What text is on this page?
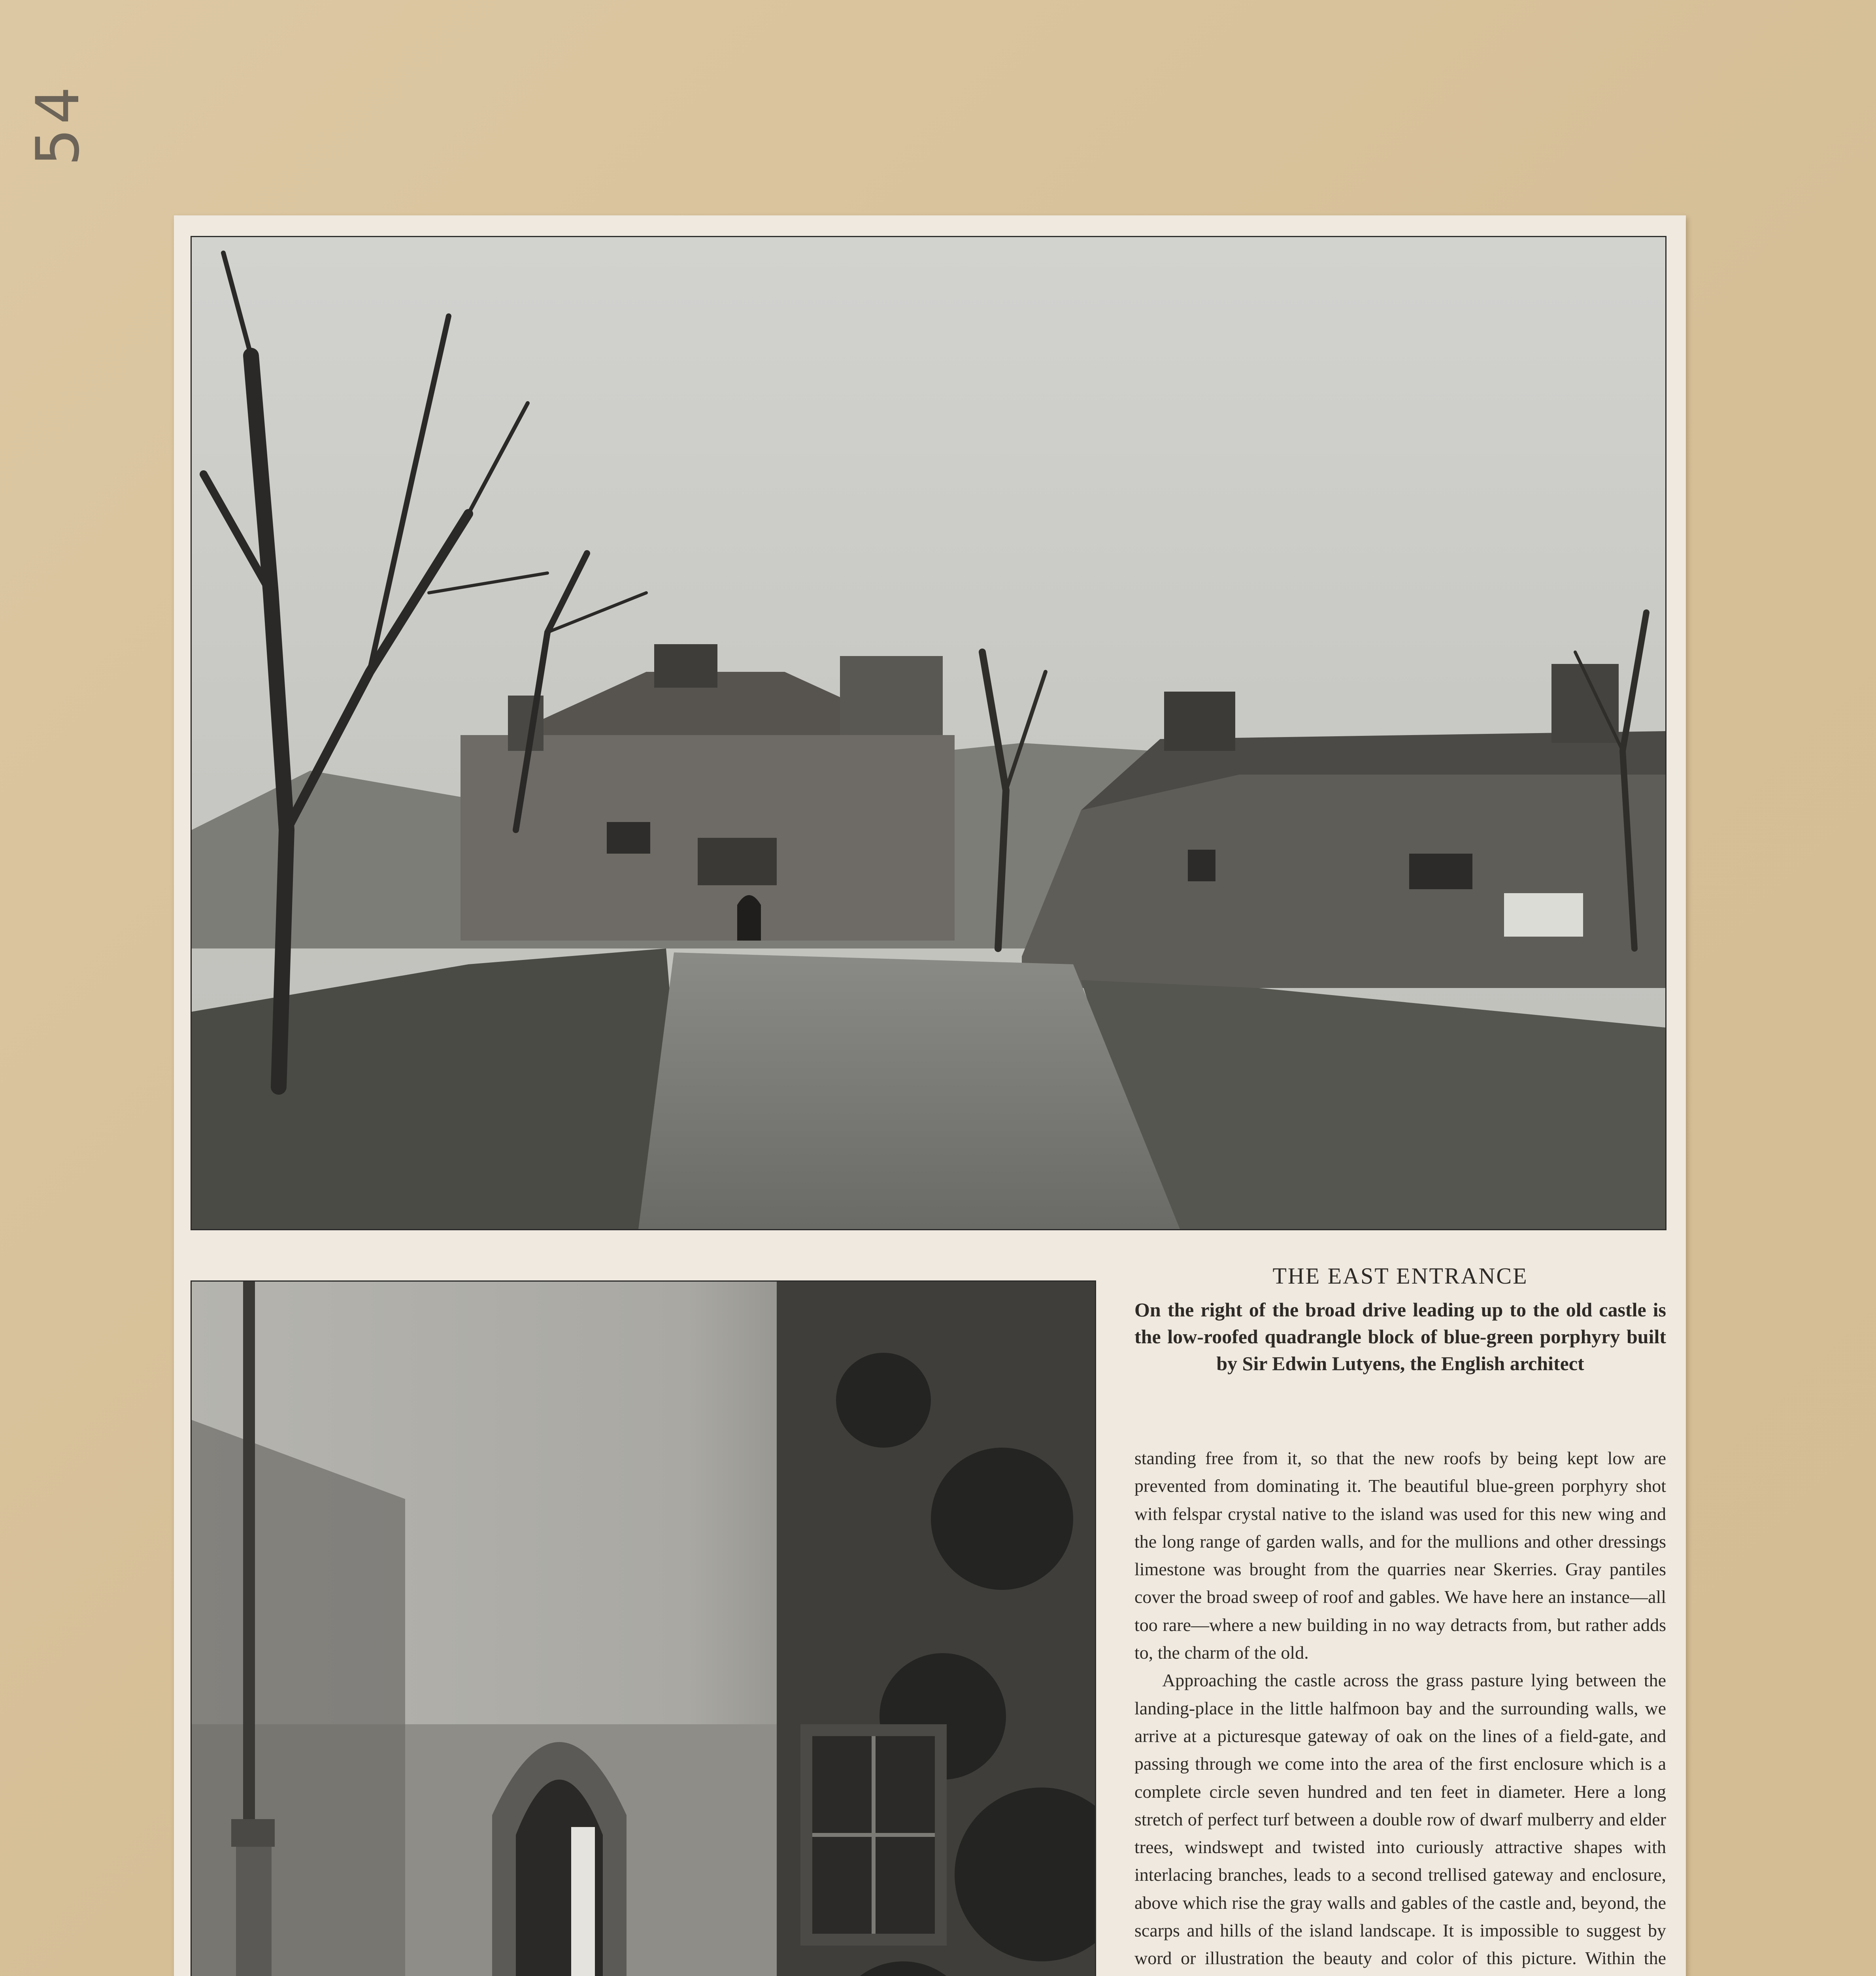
54
THE EAST ENTRANCE
On the right of the broad drive leading up to the old castle is the low-roofed quadrangle block of blue-green porphyry built by Sir Edwin Lutyens, the English architect

standing free from it, so that the new roofs by being kept low are prevented from dominating it. The beautiful blue-green porphyry shot with felspar crystal native to the island was used for this new wing and the long range of garden walls, and for the mullions and other dressings limestone was brought from the quarries near Skerries. Gray pantiles cover the broad sweep of roof and gables. We have here an instance—all too rare—where a new building in no way detracts from, but rather adds to, the charm of the old.

Approaching the castle across the grass pasture lying between the landing-place in the little halfmoon bay and the surrounding walls, we arrive at a picturesque gateway of oak on the lines of a field-gate, and passing through we come into the area of the first enclosure which is a complete circle seven hundred and ten feet in diameter. Here a long stretch of perfect turf between a double row of dwarf mulberry and elder trees, windswept and twisted into curiously attractive shapes with interlacing branches, leads to a second trellised gateway and enclosure, above which rise the gray walls and gables of the castle and, beyond, the scarps and hills of the island landscape. It is impossible to suggest by word or illustration the beauty and color of this picture. Within the
